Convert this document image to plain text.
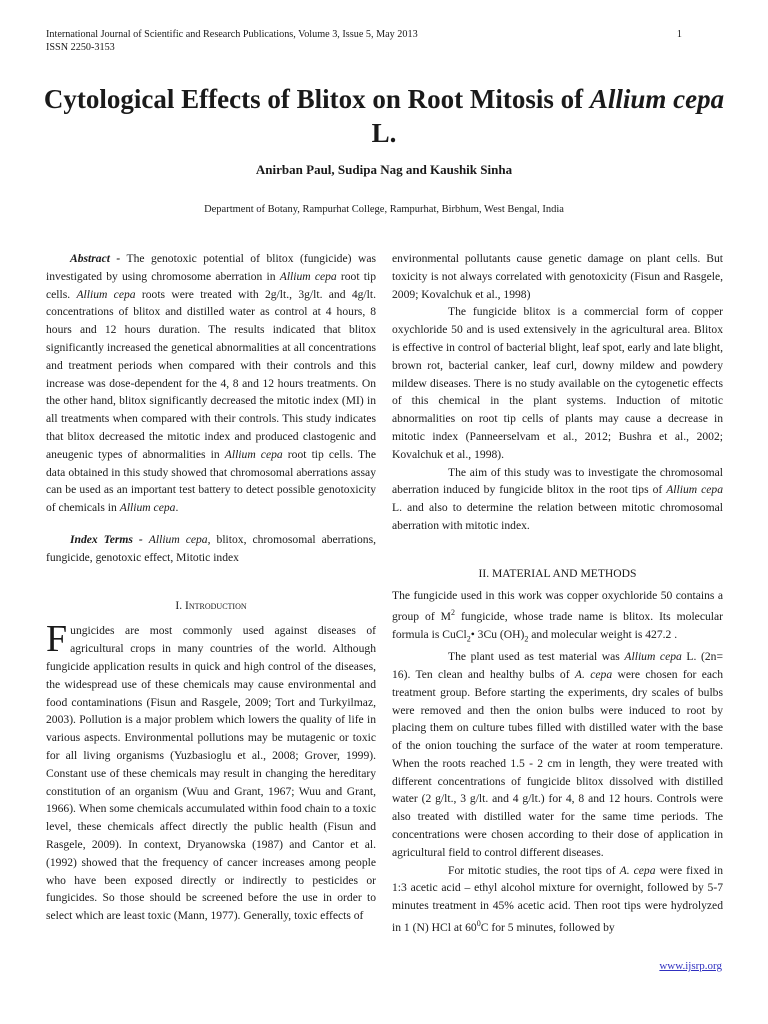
International Journal of Scientific and Research Publications, Volume 3, Issue 5, May 2013
ISSN 2250-3153
1
Cytological Effects of Blitox on Root Mitosis of Allium cepa L.
Anirban Paul, Sudipa Nag and Kaushik Sinha
Department of Botany, Rampurhat College, Rampurhat, Birbhum, West Bengal, India

Abstract - The genotoxic potential of blitox (fungicide) was investigated by using chromosome aberration in Allium cepa root tip cells. Allium cepa roots were treated with 2g/lt., 3g/lt. and 4g/lt. concentrations of blitox and distilled water as control at 4 hours, 8 hours and 12 hours duration. The results indicated that blitox significantly increased the genetical abnormalities at all concentrations and treatment periods when compared with their controls and this increase was dose-dependent for the 4, 8 and 12 hours treatments. On the other hand, blitox significantly decreased the mitotic index (MI) in all treatments when compared with their controls. This study indicates that blitox decreased the mitotic index and produced clastogenic and aneugenic types of abnormalities in Allium cepa root tip cells. The data obtained in this study showed that chromosomal aberrations assay can be used as an important test battery to detect possible genotoxicity of chemicals in Allium cepa.

Index Terms - Allium cepa, blitox, chromosomal aberrations, fungicide, genotoxic effect, Mitotic index

I. Introduction

Fungicides are most commonly used against diseases of agricultural crops in many countries of the world. Although fungicide application results in quick and high control of the diseases, the widespread use of these chemicals may cause environmental and food contaminations (Fisun and Rasgele, 2009; Tort and Turkyilmaz, 2003). Pollution is a major problem which lowers the quality of life in various aspects. Environmental pollutions may be mutagenic or toxic for all living organisms (Yuzbasioglu et al., 2008; Grover, 1999). Constant use of these chemicals may result in changing the hereditary constitution of an organism (Wuu and Grant, 1967; Wuu and Grant, 1966). When some chemicals accumulated within food chain to a toxic level, these chemicals affect directly the public health (Fisun and Rasgele, 2009). In context, Dryanowska (1987) and Cantor et al. (1992) showed that the frequency of cancer increases among people who have been exposed directly or indirectly to pesticides or fungicides. So those should be screened before the use in order to select which are least toxic (Mann, 1977). Generally, toxic effects of

environmental pollutants cause genetic damage on plant cells. But toxicity is not always correlated with genotoxicity (Fisun and Rasgele, 2009; Kovalchuk et al., 1998)

The fungicide blitox is a commercial form of copper oxychloride 50 and is used extensively in the agricultural area. Blitox is effective in control of bacterial blight, leaf spot, early and late blight, brown rot, bacterial canker, leaf curl, downy mildew and powdery mildew diseases. There is no study available on the cytogenetic effects of this chemical in the plant systems. Induction of mitotic abnormalities on root tip cells of plants may cause a decrease in mitotic index (Panneerselvam et al., 2012; Bushra et al., 2002; Kovalchuk et al., 1998).

The aim of this study was to investigate the chromosomal aberration induced by fungicide blitox in the root tips of Allium cepa L. and also to determine the relation between mitotic chromosomal aberration with mitotic index.

II. MATERIAL AND METHODS

The fungicide used in this work was copper oxychloride 50 contains a group of $M^2$ fungicide, whose trade name is blitox. Its molecular formula is CuCl$_2$• 3Cu $(OH)_2$ and molecular weight is 427.2 .

The plant used as test material was Allium cepa L. (2n= 16). Ten clean and healthy bulbs of A. cepa were chosen for each treatment group. Before starting the experiments, dry scales of bulbs were removed and then the onion bulbs were induced to root by placing them on culture tubes filled with distilled water with the base of the onion touching the surface of the water at room temperature. When the roots reached 1.5 - 2 cm in length, they were treated with different concentrations of fungicide blitox dissolved with distilled water (2 g/lt., 3 g/lt. and 4 g/lt.) for 4, 8 and 12 hours. Controls were also treated with distilled water for the same time periods. The concentrations were chosen according to their dose of application in agricultural field to control different diseases.

For mitotic studies, the root tips of A. cepa were fixed in 1:3 acetic acid – ethyl alcohol mixture for overnight, followed by 5-7 minutes treatment in 45% acetic acid. Then root tips were hydrolyzed in 1 (N) HCl at $60^0C$ for 5 minutes, followed by

www.ijsrp.org
